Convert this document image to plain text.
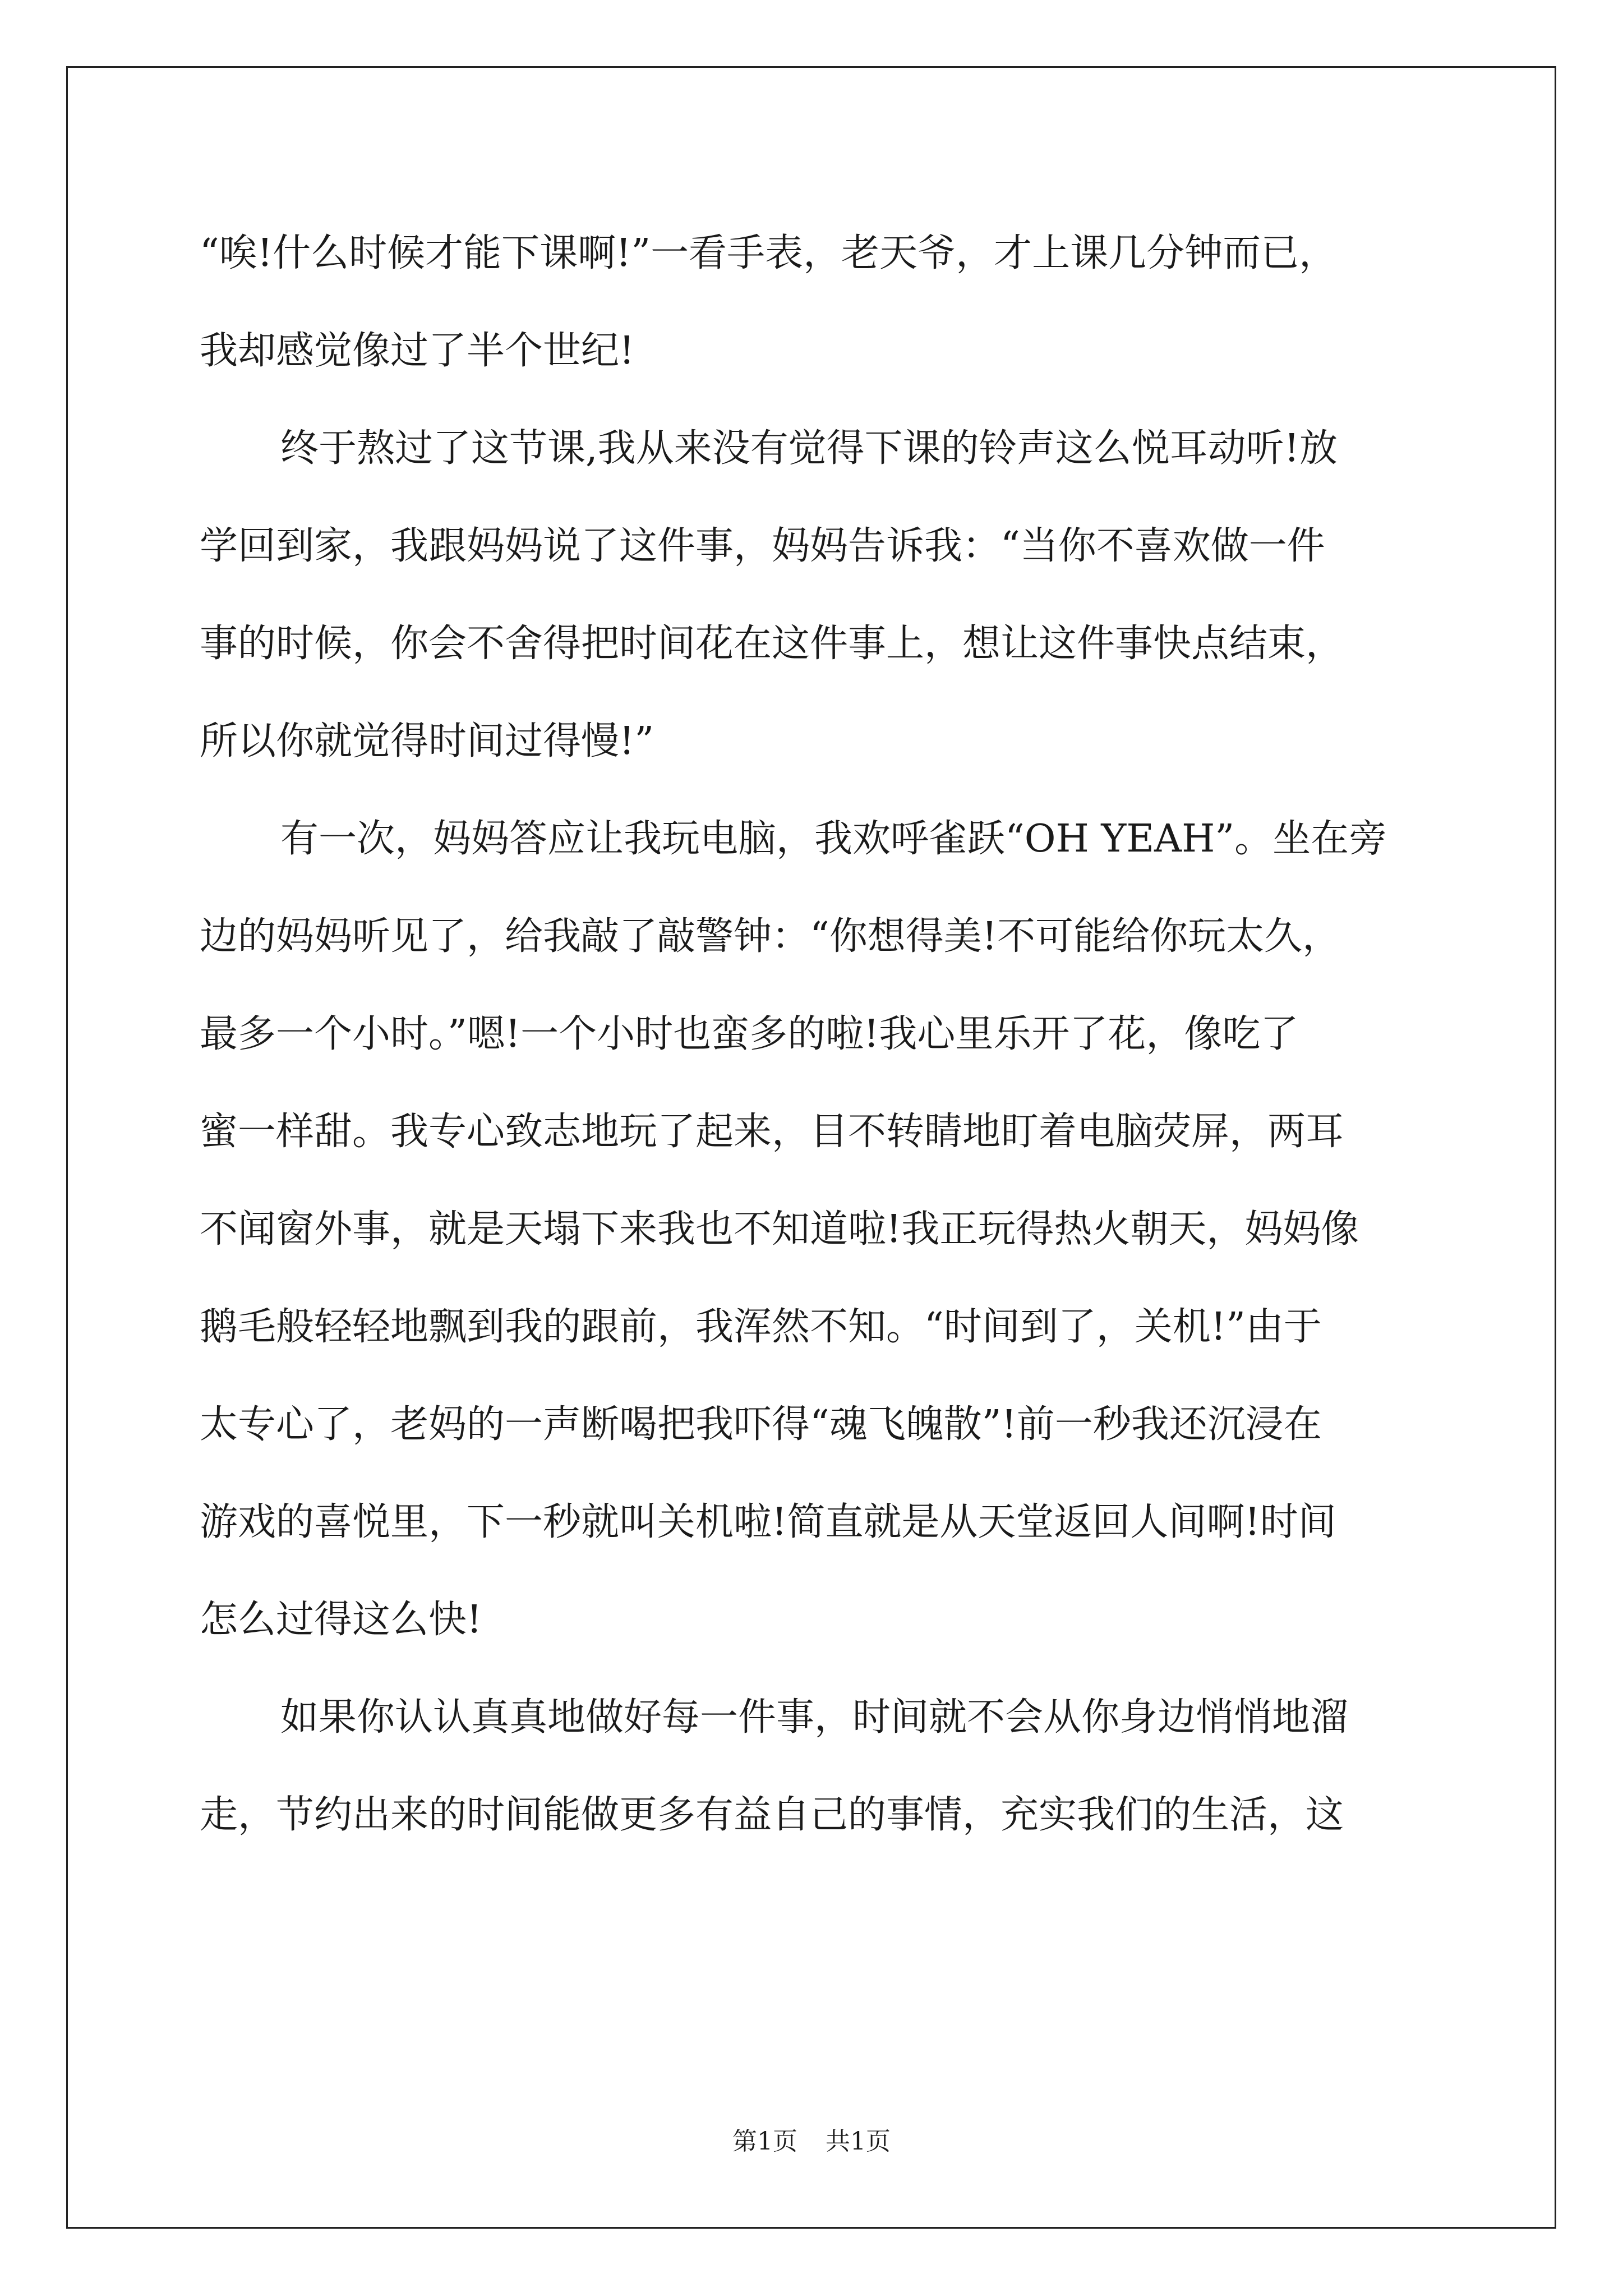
“唉!什么时候才能下课啊!”一看手表，老天爷，才上课几分钟而已，
我却感觉像过了半个世纪!
终于熬过了这节课,我从来没有觉得下课的铃声这么悦耳动听!放
学回到家，我跟妈妈说了这件事，妈妈告诉我：“当你不喜欢做一件
事的时候，你会不舍得把时间花在这件事上，想让这件事快点结束，
所以你就觉得时间过得慢!”
有一次，妈妈答应让我玩电脑，我欢呼雀跃“OH YEAH”。坐在旁
边的妈妈听见了，给我敲了敲警钟：“你想得美!不可能给你玩太久，
最多一个小时。”嗯!一个小时也蛮多的啦!我心里乐开了花，像吃了
蜜一样甜。我专心致志地玩了起来，目不转睛地盯着电脑荧屏，两耳
不闻窗外事，就是天塌下来我也不知道啦!我正玩得热火朝天，妈妈像
鹅毛般轻轻地飘到我的跟前，我浑然不知。“时间到了，关机!”由于
太专心了，老妈的一声断喝把我吓得“魂飞魄散”!前一秒我还沉浸在
游戏的喜悦里，下一秒就叫关机啦!简直就是从天堂返回人间啊!时间
怎么过得这么快!
如果你认认真真地做好每一件事，时间就不会从你身边悄悄地溜
走，节约出来的时间能做更多有益自己的事情，充实我们的生活，这
第1页 共1页
